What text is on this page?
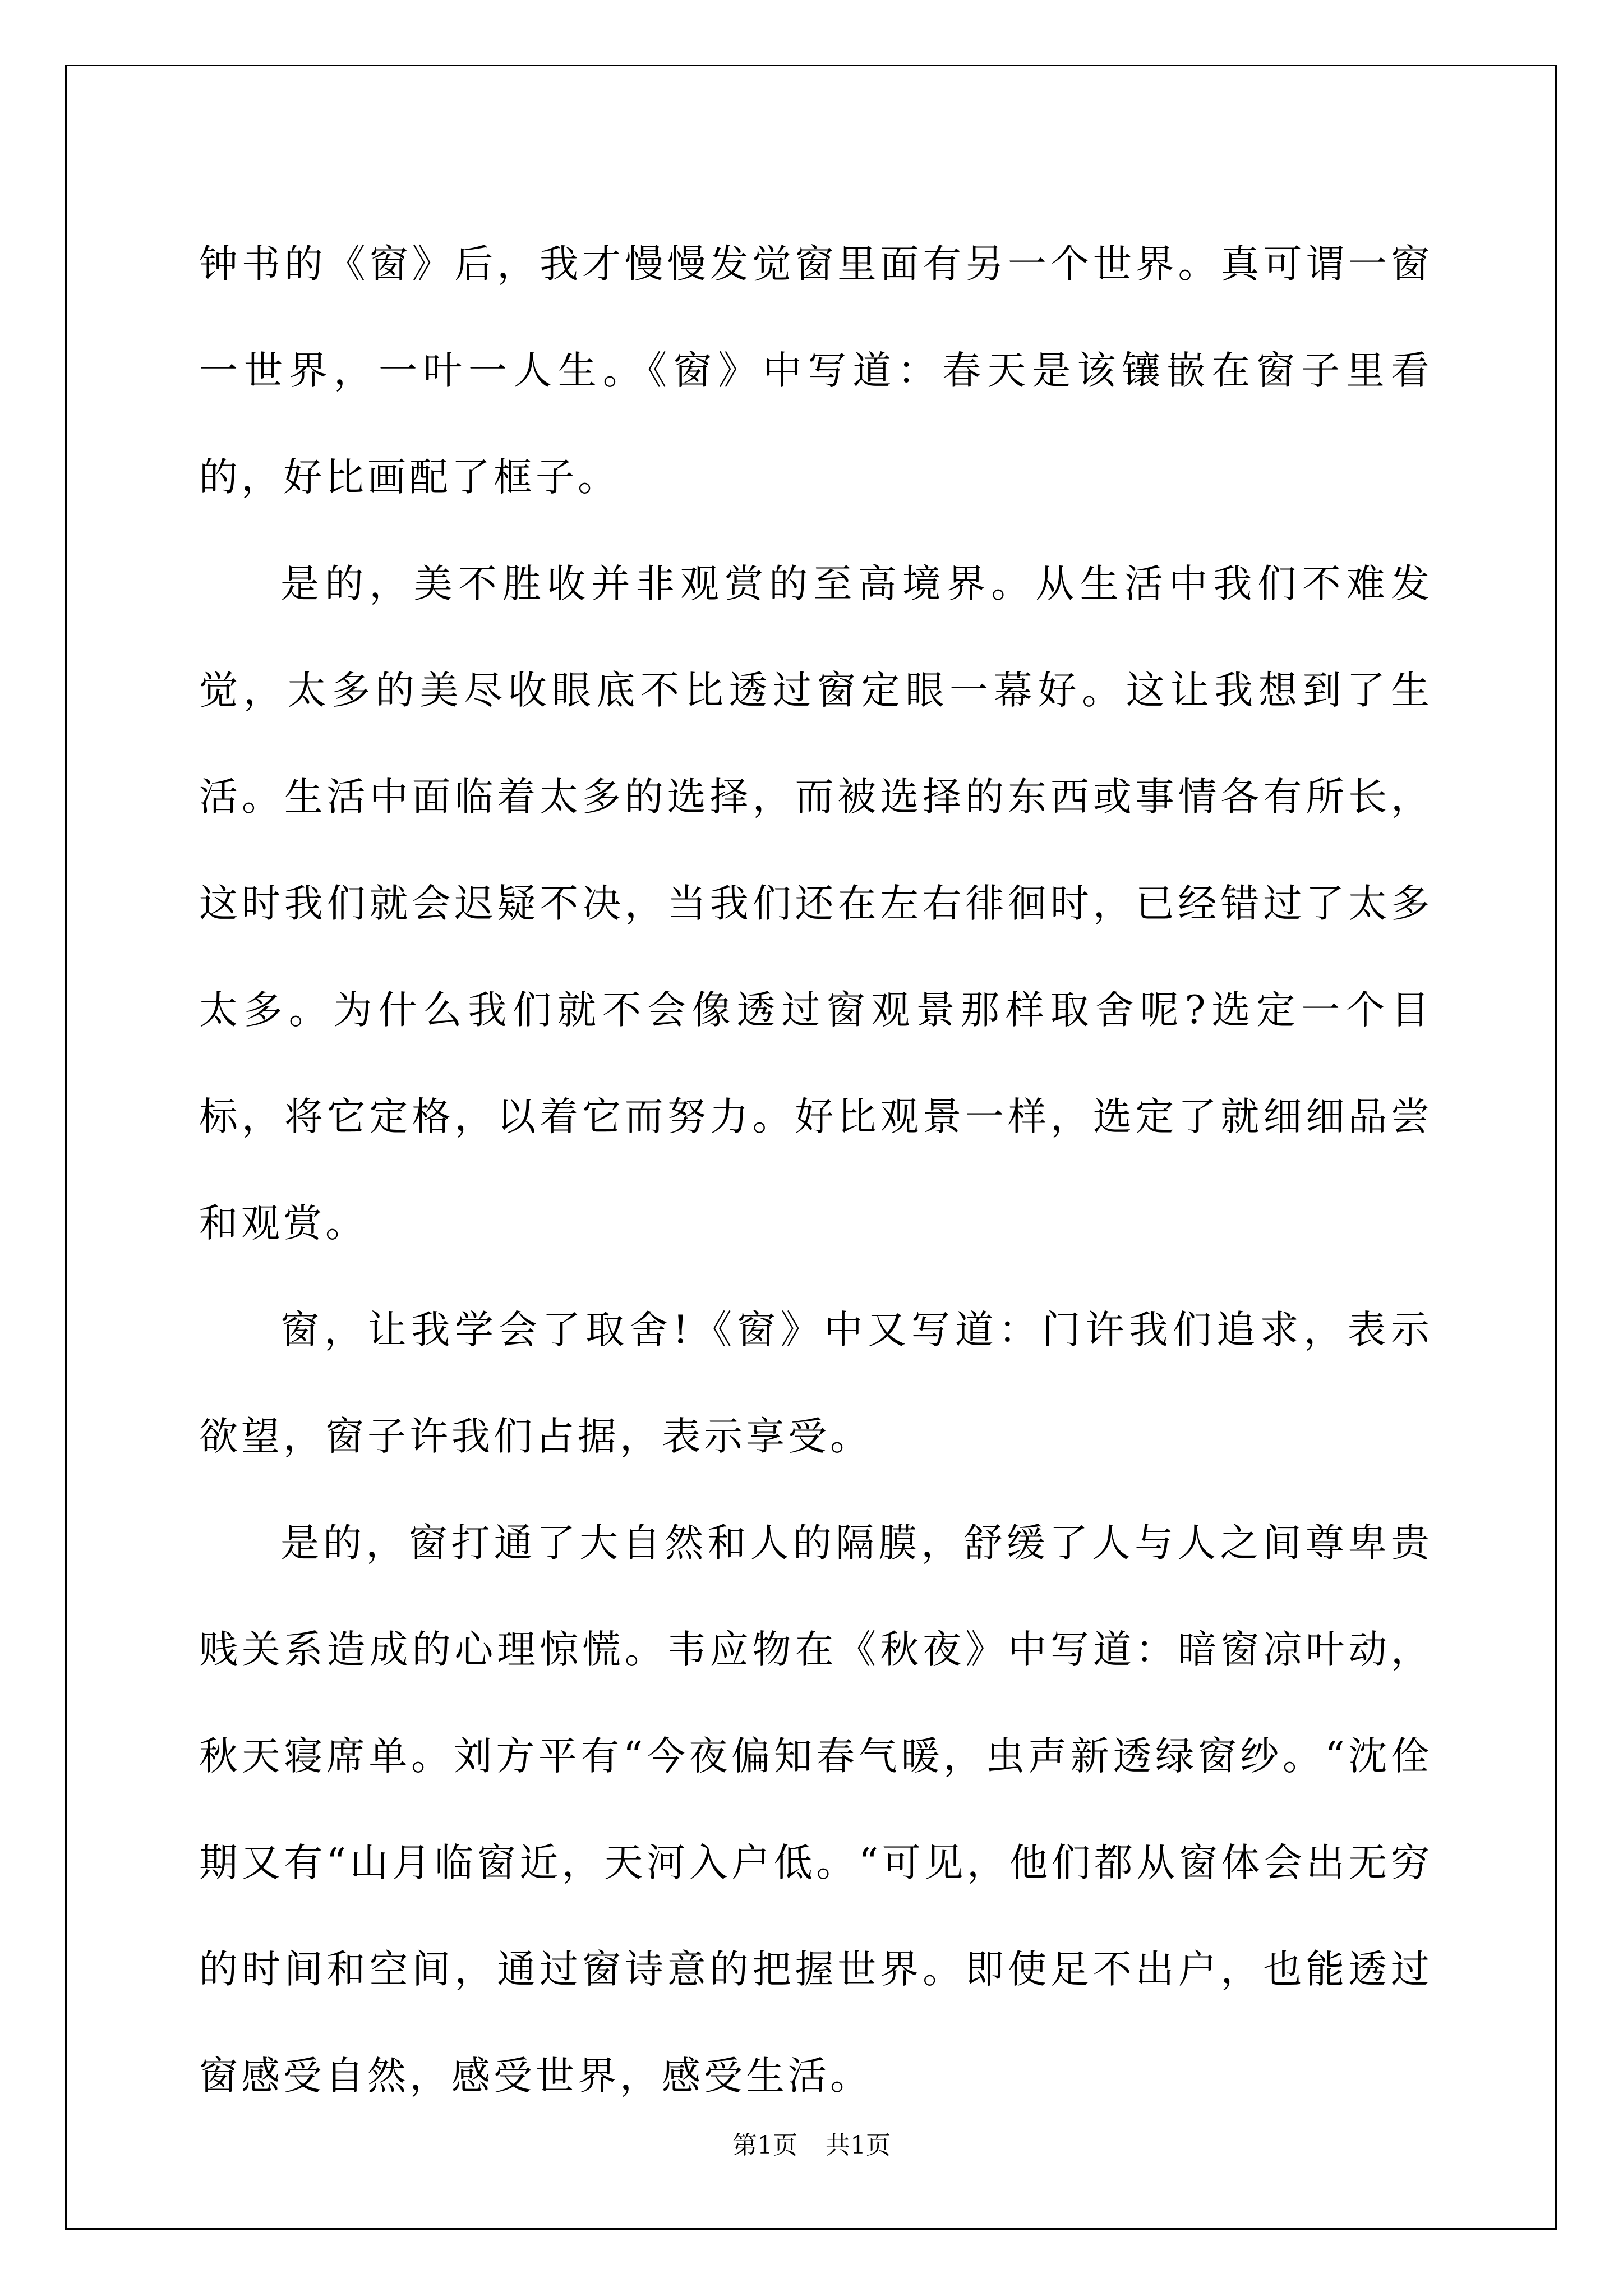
钟书的《窗》后，我才慢慢发觉窗里面有另一个世界。真可谓一窗一世界，一叶一人生。《窗》中写道：春天是该镶嵌在窗子里看的，好比画配了框子。

是的，美不胜收并非观赏的至高境界。从生活中我们不难发觉，太多的美尽收眼底不比透过窗定眼一幕好。这让我想到了生活。生活中面临着太多的选择，而被选择的东西或事情各有所长，这时我们就会迟疑不决，当我们还在左右徘徊时，已经错过了太多太多。为什么我们就不会像透过窗观景那样取舍呢?选定一个目标，将它定格，以着它而努力。好比观景一样，选定了就细细品尝和观赏。

窗，让我学会了取舍!《窗》中又写道：门许我们追求，表示欲望，窗子许我们占据，表示享受。

是的，窗打通了大自然和人的隔膜，舒缓了人与人之间尊卑贵贱关系造成的心理惊慌。韦应物在《秋夜》中写道：暗窗凉叶动，秋天寝席单。刘方平有“今夜偏知春气暖，虫声新透绿窗纱。“沈佺期又有“山月临窗近，天河入户低。“可见，他们都从窗体会出无穷的时间和空间，通过窗诗意的把握世界。即使足不出户，也能透过窗感受自然，感受世界，感受生活。

第1页 共1页
